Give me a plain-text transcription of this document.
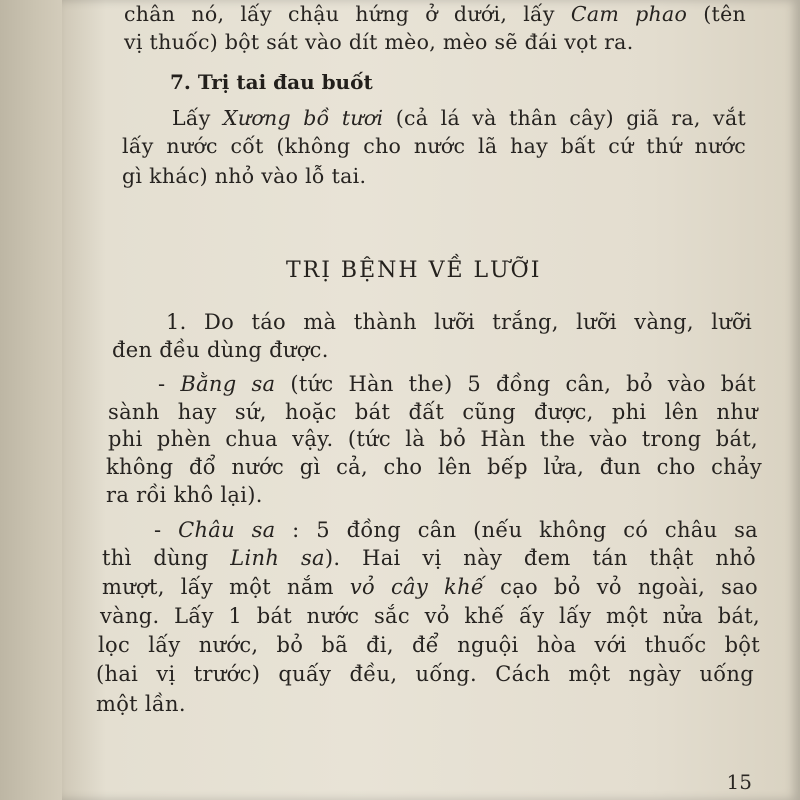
chân nó, lấy chậu hứng ở dưới, lấy Cam phao (tên
vị thuốc) bột sát vào dít mèo, mèo sẽ đái vọt ra.
7. Trị tai đau buốt
Lấy Xương bồ tươi (cả lá và thân cây) giã ra, vắt
lấy nước cốt (không cho nước lã hay bất cứ thứ nước
gì khác) nhỏ vào lỗ tai.
TRỊ BỆNH VỀ LƯỠI
1. Do táo mà thành lưỡi trắng, lưỡi vàng, lưỡi
đen đều dùng được.
- Bằng sa (tức Hàn the) 5 đồng cân, bỏ vào bát
sành hay sứ, hoặc bát đất cũng được, phi lên như
phi phèn chua vậy. (tức là bỏ Hàn the vào trong bát,
không đổ nước gì cả, cho lên bếp lửa, đun cho chảy
ra rồi khô lại).
- Châu sa : 5 đồng cân (nếu không có châu sa
thì dùng Linh sa). Hai vị này đem tán thật nhỏ
mượt, lấy một nắm vỏ cây khế cạo bỏ vỏ ngoài, sao
vàng. Lấy 1 bát nước sắc vỏ khế ấy lấy một nửa bát,
lọc lấy nước, bỏ bã đi, để nguội hòa với thuốc bột
(hai vị trước) quấy đều, uống. Cách một ngày uống
một lần.
15
